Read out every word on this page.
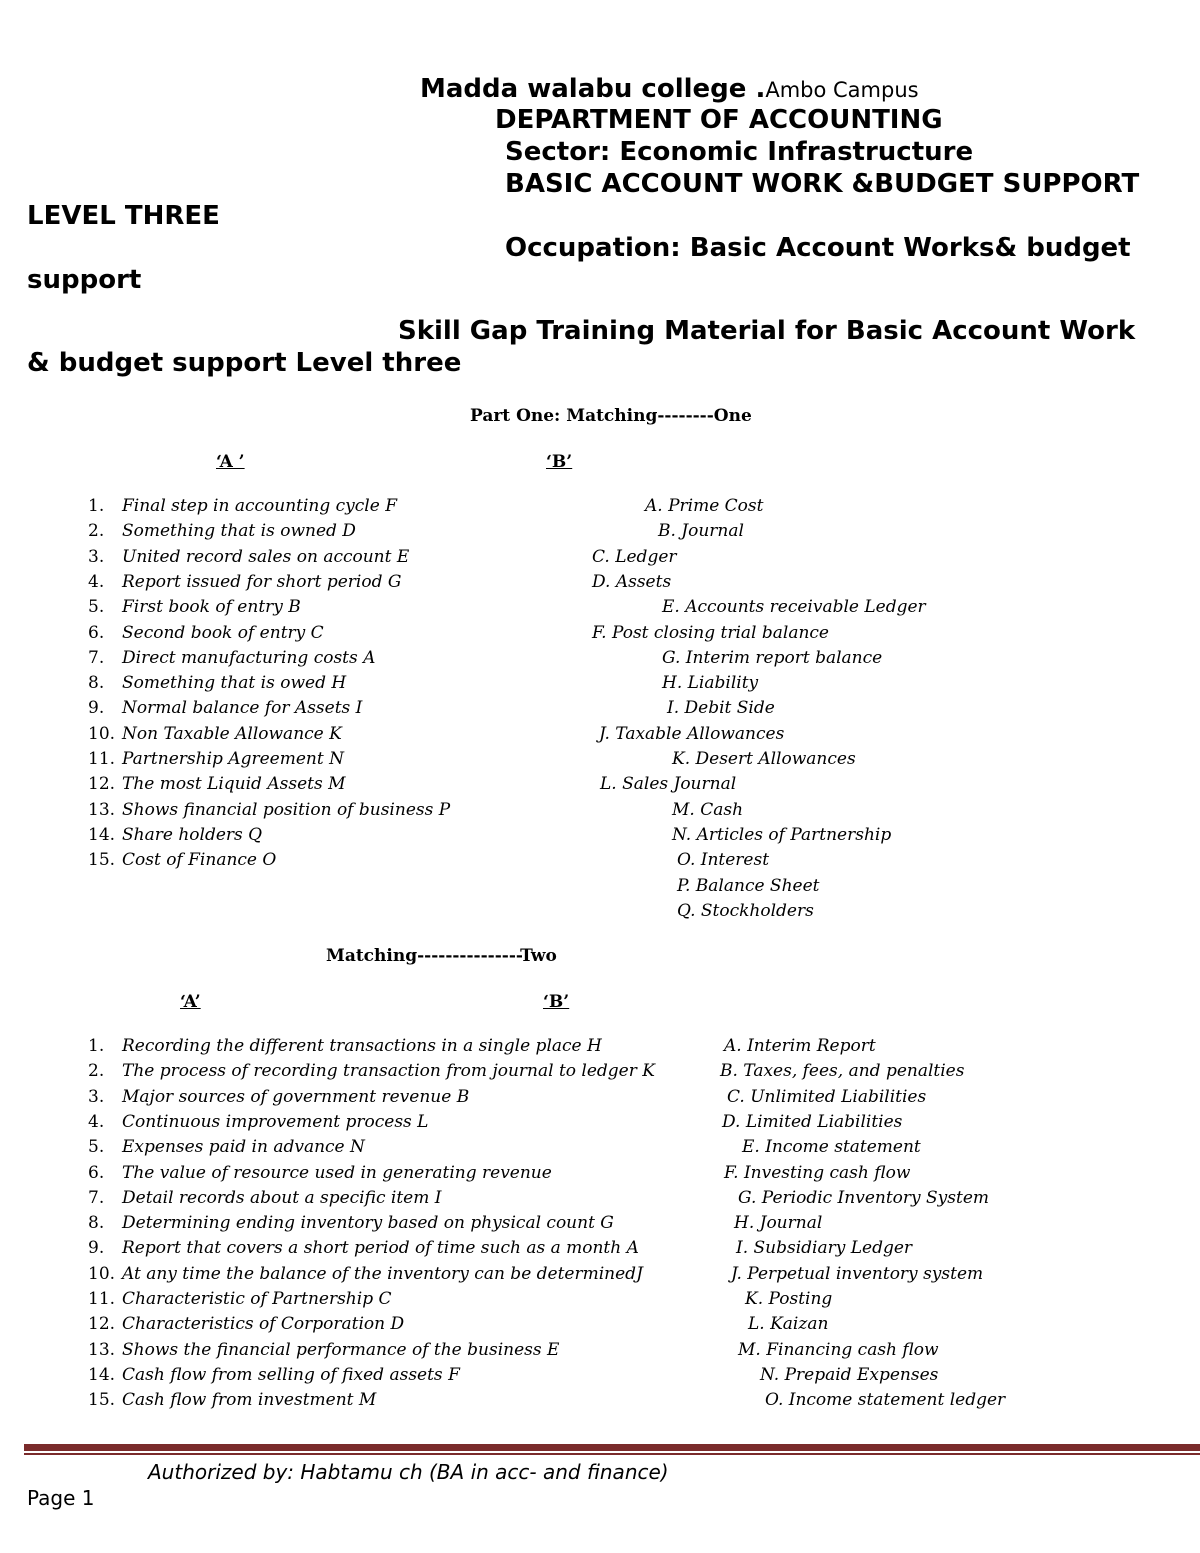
Madda walabu college .Ambo Campus
DEPARTMENT OF ACCOUNTING
Sector: Economic Infrastructure
BASIC ACCOUNT WORK &BUDGET SUPPORT
LEVEL THREE
Occupation: Basic Account Works& budget
support
Skill Gap Training Material for Basic Account Work
& budget support Level three
Part One: Matching--------One
‘A ’	‘B’
1. Final step in accounting cycle F
2. Something that is owned D
3. United record sales on account E
4. Report issued for short period G
5. First book of entry B
6. Second book of entry C
7. Direct manufacturing costs A
8. Something that is owed H
9. Normal balance for Assets I
10. Non Taxable Allowance K
11. Partnership Agreement N
12. The most Liquid Assets M
13. Shows financial position of business P
14. Share holders Q
15. Cost of Finance O
A. Prime Cost
B. Journal
C. Ledger
D. Assets
E. Accounts receivable Ledger
F. Post closing trial balance
G. Interim report balance
H. Liability
I. Debit Side
J. Taxable Allowances
K. Desert Allowances
L. Sales Journal
M. Cash
N. Articles of Partnership
O. Interest
P. Balance Sheet
Q. Stockholders
Matching---------------Two
‘A’	‘B’
1. Recording the different transactions in a single place H
2. The process of recording transaction from journal to ledger K
3. Major sources of government revenue B
4. Continuous improvement process L
5. Expenses paid in advance N
6. The value of resource used in generating revenue
7. Detail records about a specific item I
8. Determining ending inventory based on physical count G
9. Report that covers a short period of time such as a month A
10. At any time the balance of the inventory can be determinedJ
11. Characteristic of Partnership C
12. Characteristics of Corporation D
13. Shows the financial performance of the business E
14. Cash flow from selling of fixed assets F
15. Cash flow from investment M
A. Interim Report
B. Taxes, fees, and penalties
C. Unlimited Liabilities
D. Limited Liabilities
E. Income statement
F. Investing cash flow
G. Periodic Inventory System
H. Journal
I. Subsidiary Ledger
J. Perpetual inventory system
K. Posting
L. Kaizan
M. Financing cash flow
N. Prepaid Expenses
O. Income statement ledger
Authorized by: Habtamu ch (BA in acc- and finance)
Page 1
